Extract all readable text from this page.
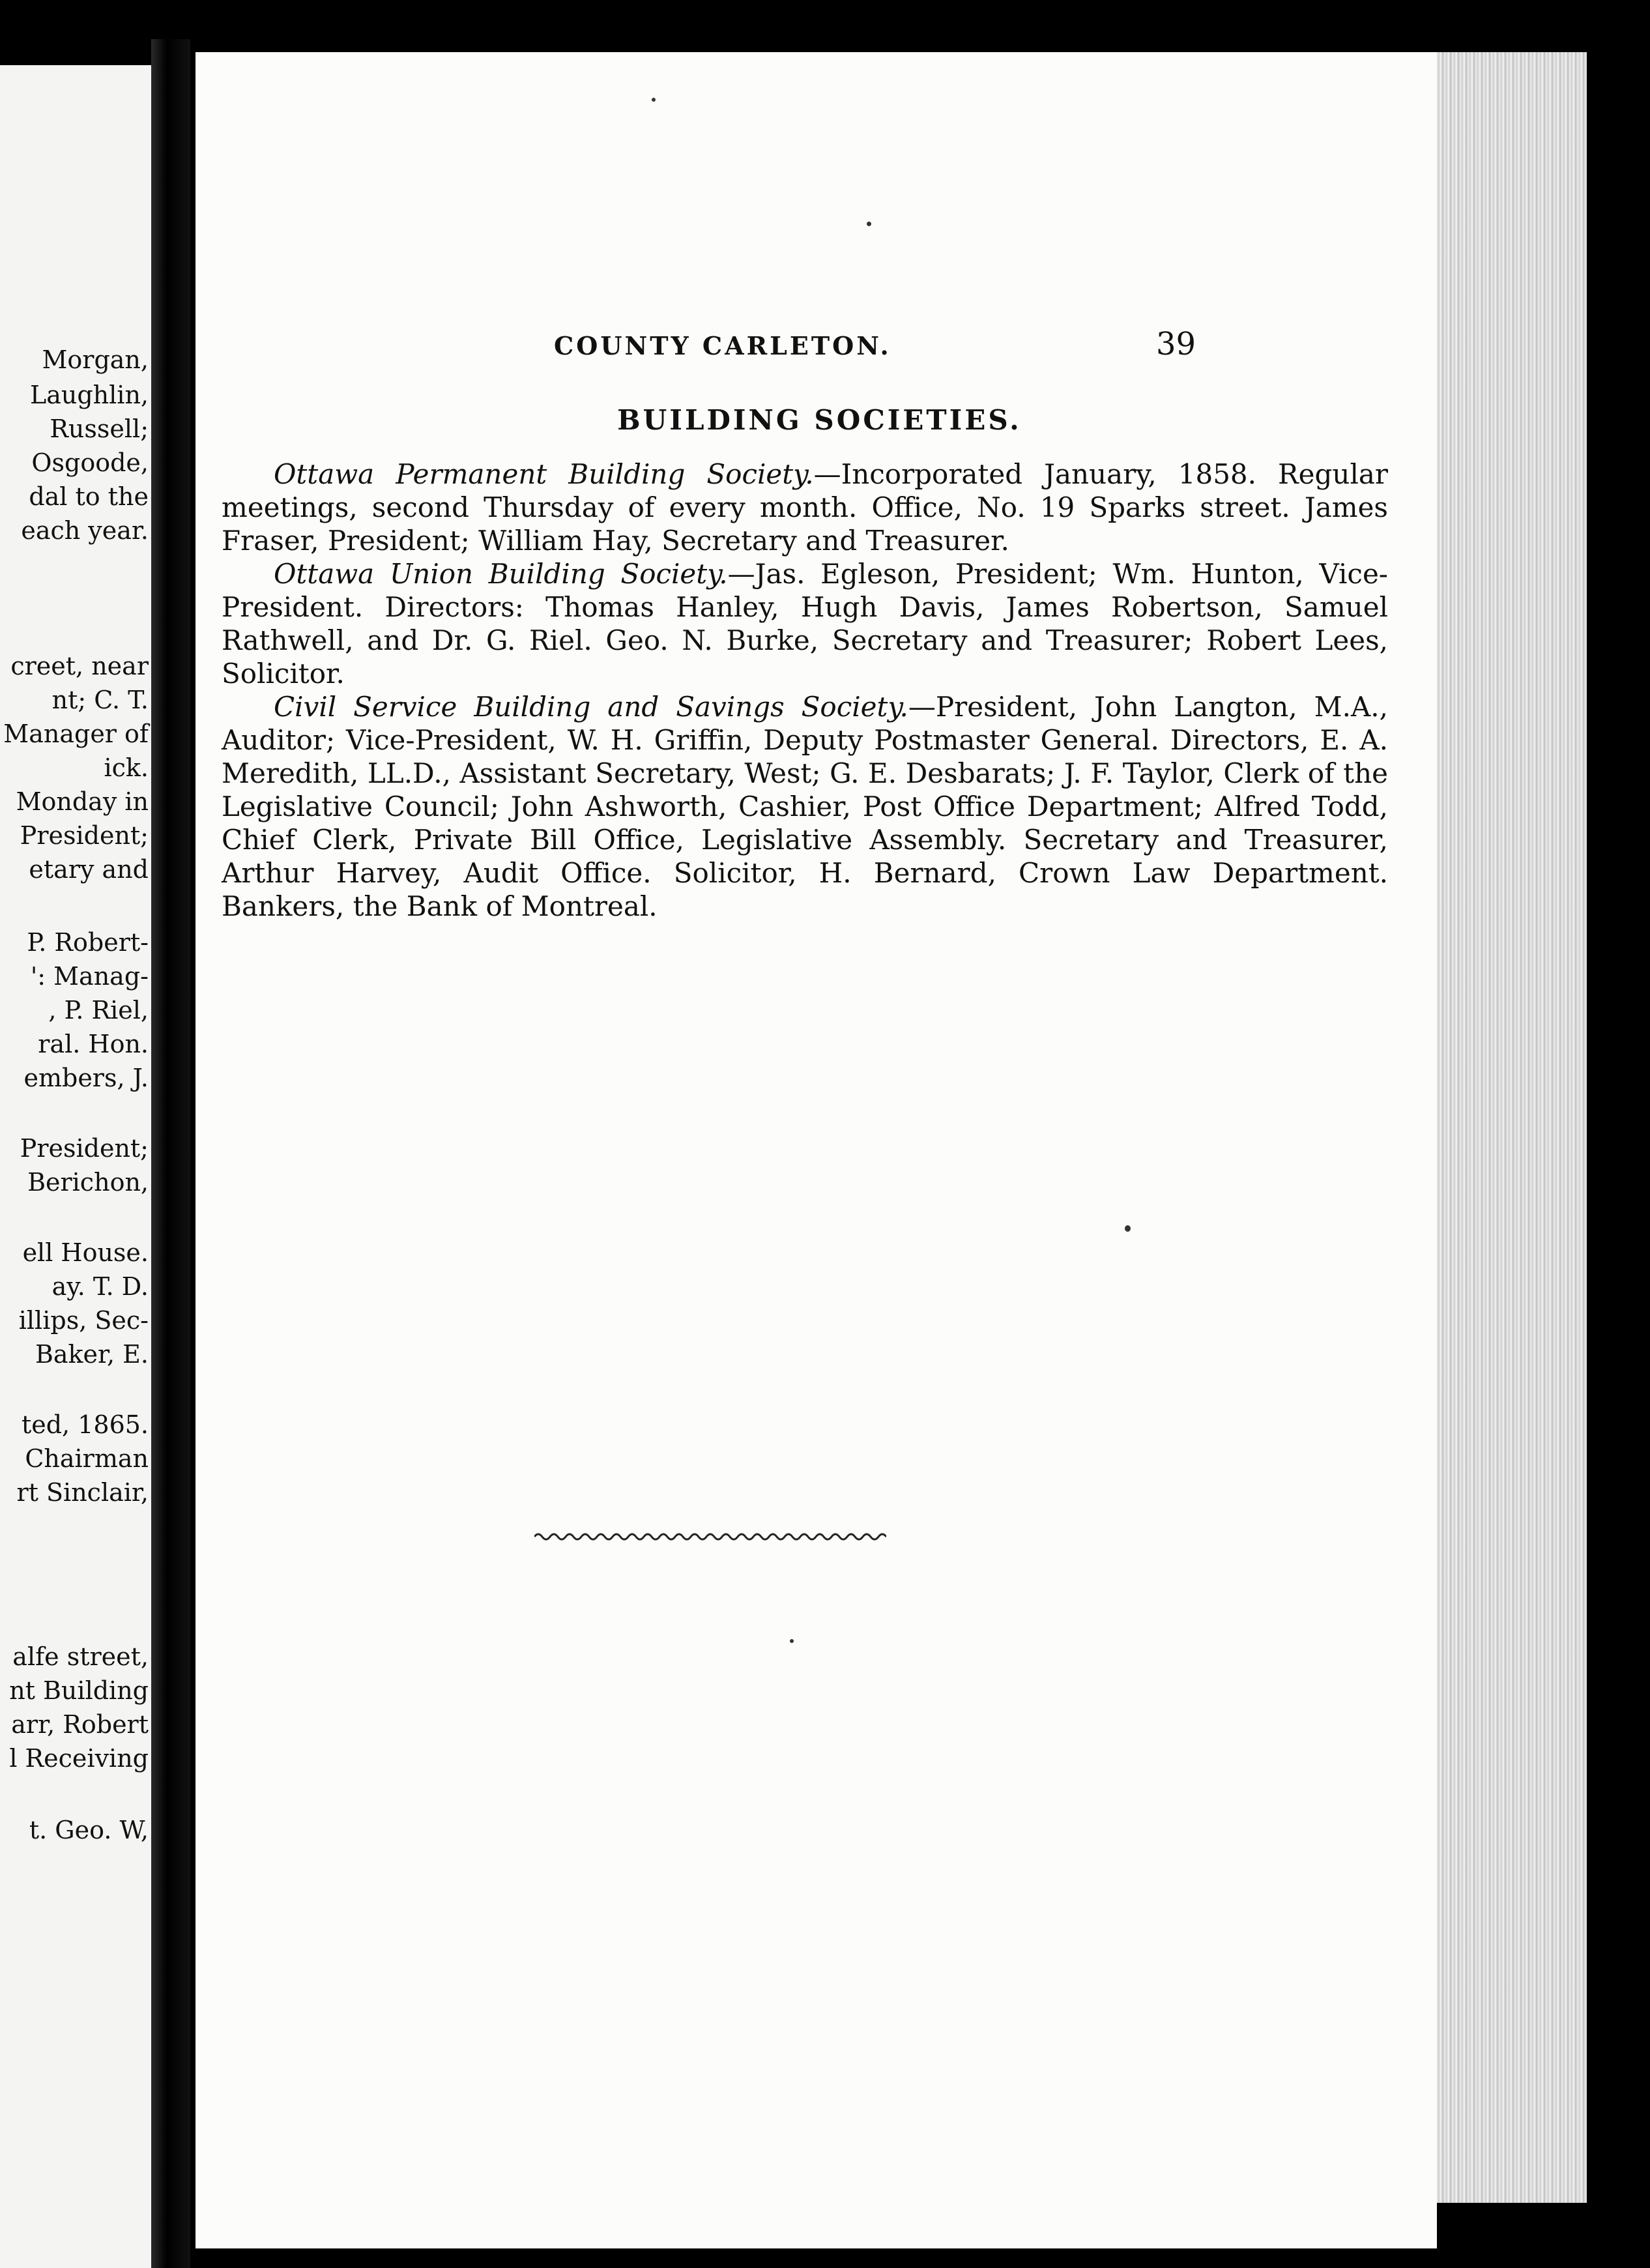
Morgan,
Laughlin,
Russell;
Osgoode,
dal to the
each year.
creet, near
nt; C. T.
Manager of
ick.
Monday in
President;
etary and
P. Robert-
': Manag-
, P. Riel,
ral. Hon.
embers, J.
President;
Berichon,
ell House.
ay. T. D.
illips, Sec-
Baker, E.
ted, 1865.
Chairman
rt Sinclair,
alfe street,
nt Building
arr, Robert
l Receiving
t. Geo. W,
COUNTY CARLETON.	39
BUILDING SOCIETIES.

Ottawa Permanent Building Society.—Incorporated January, 1858. Regular meetings, second Thursday of every month. Office, No. 19 Sparks street. James Fraser, President; William Hay, Secretary and Treasurer.

Ottawa Union Building Society.—Jas. Egleson, President; Wm. Hunton, Vice-President. Directors: Thomas Hanley, Hugh Davis, James Robertson, Samuel Rathwell, and Dr. G. Riel. Geo. N. Burke, Secretary and Treasurer; Robert Lees, Solicitor.

Civil Service Building and Savings Society.—President, John Langton, M.A., Auditor; Vice-President, W. H. Griffin, Deputy Postmaster General. Directors, E. A. Meredith, LL.D., Assistant Secretary, West; G. E. Desbarats; J. F. Taylor, Clerk of the Legislative Council; John Ashworth, Cashier, Post Office Department; Alfred Todd, Chief Clerk, Private Bill Office, Legislative Assembly. Secretary and Treasurer, Arthur Harvey, Audit Office. Solicitor, H. Bernard, Crown Law Department. Bankers, the Bank of Montreal.
